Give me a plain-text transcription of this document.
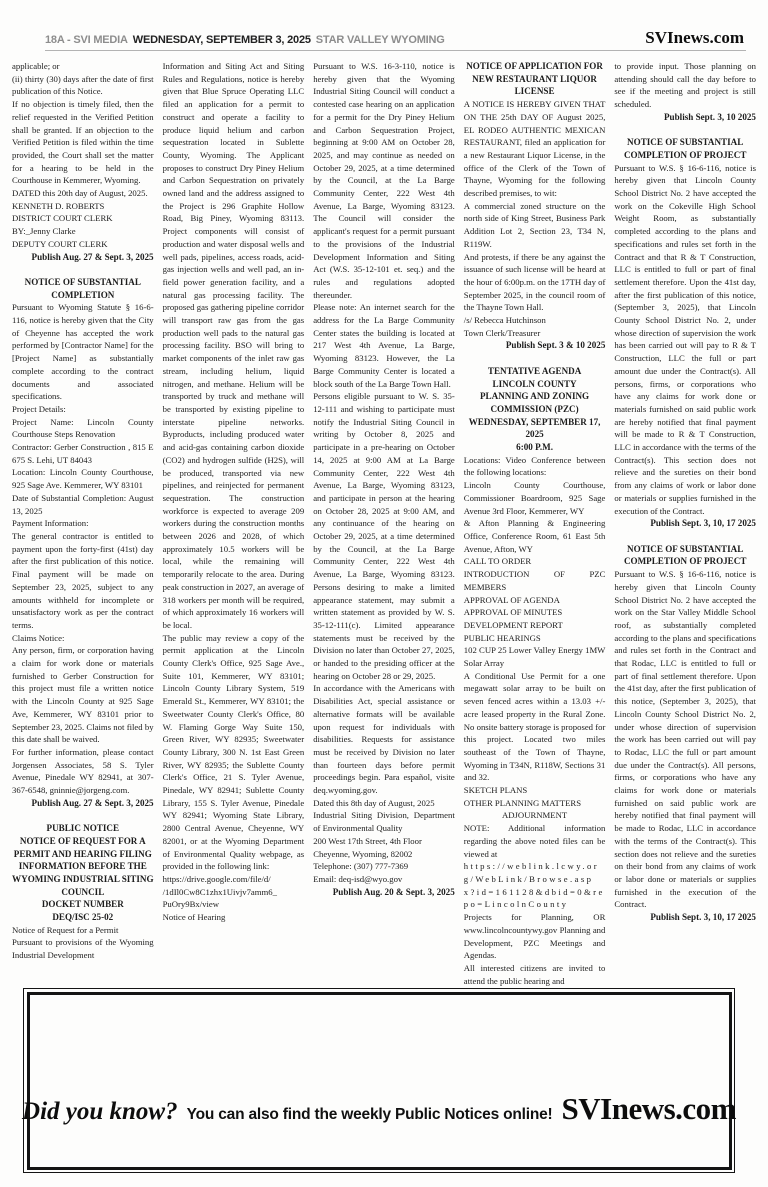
18A - SVI MEDIA WEDNESDAY, SEPTEMBER 3, 2025 STAR VALLEY WYOMING	SVInews.com
applicable; or
(ii) thirty (30) days after the date of first publication of this Notice.
If no objection is timely filed, then the relief requested in the Verified Petition shall be granted. If an objection to the Verified Petition is filed within the time provided, the Court shall set the matter for a hearing to be held in the Courthouse in Kemmerer, Wyoming.
DATED this 20th day of August, 2025.
KENNETH D. ROBERTS
DISTRICT COURT CLERK
BY:_Jenny Clarke
DEPUTY COURT CLERK
Publish Aug. 27 & Sept. 3, 2025
NOTICE OF SUBSTANTIAL COMPLETION
Pursuant to Wyoming Statute § 16-6-116, notice is hereby given that the City of Cheyenne has accepted the work performed by [Contractor Name] for the [Project Name] as substantially complete according to the contract documents and associated specifications.
Project Details:
Project Name: Lincoln County Courthouse Steps Renovation
Contractor: Gerber Construction , 815 E 675 S. Lehi, UT 84043
Location: Lincoln County Courthouse, 925 Sage Ave. Kemmerer, WY 83101
Date of Substantial Completion: August 13, 2025
Payment Information:
The general contractor is entitled to payment upon the forty-first (41st) day after the first publication of this notice. Final payment will be made on September 23, 2025, subject to any amounts withheld for incomplete or unsatisfactory work as per the contract terms.
Claims Notice:
Any person, firm, or corporation having a claim for work done or materials furnished to Gerber Construction for this project must file a written notice with the Lincoln County at 925 Sage Ave, Kemmerer, WY 83101 prior to September 23, 2025. Claims not filed by this date shall be waived.
For further information, please contact Jorgensen Associates, 58 S. Tyler Avenue, Pinedale WY 82941, at 307-367-6548, gninnie@jorgeng.com.
Publish Aug. 27 & Sept. 3, 2025
PUBLIC NOTICE
NOTICE OF REQUEST FOR A PERMIT AND HEARING FILING INFORMATION BEFORE THE WYOMING INDUSTRIAL SITING COUNCIL
DOCKET NUMBER
DEQ/ISC 25-02
Notice of Request for a Permit
Pursuant to provisions of the Wyoming Industrial Development
Information and Siting Act and Siting Rules and Regulations, notice is hereby given that Blue Spruce Operating LLC filed an application for a permit to construct and operate a facility to produce liquid helium and carbon sequestration located in Sublette County, Wyoming. The Applicant proposes to construct Dry Piney Helium and Carbon Sequestration on privately owned land and the address assigned to the Project is 296 Graphite Hollow Road, Big Piney, Wyoming 83113. Project components will consist of production and water disposal wells and well pads, pipelines, access roads, acid-gas injection wells and well pad, an in-field power generation facility, and a natural gas processing facility. The proposed gas gathering pipeline corridor will transport raw gas from the gas production well pads to the natural gas processing facility. BSO will bring to market components of the inlet raw gas stream, including helium, liquid nitrogen, and methane. Helium will be transported by truck and methane will be transported by existing pipeline to interstate pipeline networks. Byproducts, including produced water and acid-gas containing carbon dioxide (CO2) and hydrogen sulfide (H2S), will be produced, transported via new pipelines, and reinjected for permanent sequestration. The construction workforce is expected to average 209 workers during the construction months between 2026 and 2028, of which approximately 10.5 workers will be local, while the remaining will temporarily relocate to the area. During peak construction in 2027, an average of 318 workers per month will be required, of which approximately 16 workers will be local.
The public may review a copy of the permit application at the Lincoln County Clerk's Office, 925 Sage Ave., Suite 101, Kemmerer, WY 83101; Lincoln County Library System, 519 Emerald St., Kemmerer, WY 83101; the Sweetwater County Clerk's Office, 80 W. Flaming Gorge Way Suite 150, Green River, WY 82935; Sweetwater County Library, 300 N. 1st East Green River, WY 82935; the Sublette County Clerk's Office, 21 S. Tyler Avenue, Pinedale, WY 82941; Sublette County Library, 155 S. Tyler Avenue, Pinedale WY 82941; Wyoming State Library, 2800 Central Avenue, Cheyenne, WY 82001, or at the Wyoming Department of Environmental Quality webpage, as provided in the following link:
https://drive.google.com/file/d/
/1dIl0Cw8C1zhx1Uivjv7amm6_
PuOry9Bx/view
Notice of Hearing
Pursuant to W.S. 16-3-110, notice is hereby given that the Wyoming Industrial Siting Council will conduct a contested case hearing on an application for a permit for the Dry Piney Helium and Carbon Sequestration Project, beginning at 9:00 AM on October 28, 2025, and may continue as needed on October 29, 2025, at a time determined by the Council, at the La Barge Community Center, 222 West 4th Avenue, La Barge, Wyoming 83123. The Council will consider the applicant's request for a permit pursuant to the provisions of the Industrial Development Information and Siting Act (W.S. 35-12-101 et. seq.) and the rules and regulations adopted thereunder.
Please note: An internet search for the address for the La Barge Community Center states the building is located at 217 West 4th Avenue, La Barge, Wyoming 83123. However, the La Barge Community Center is located a block south of the La Barge Town Hall.
Persons eligible pursuant to W. S. 35-12-111 and wishing to participate must notify the Industrial Siting Council in writing by October 8, 2025 and participate in a pre-hearing on October 14, 2025 at 9:00 AM at La Barge Community Center, 222 West 4th Avenue, La Barge, Wyoming 83123, and participate in person at the hearing on October 28, 2025 at 9:00 AM, and any continuance of the hearing on October 29, 2025, at a time determined by the Council, at the La Barge Community Center, 222 West 4th Avenue, La Barge, Wyoming 83123. Persons desiring to make a limited appearance statement, may submit a written statement as provided by W. S. 35-12-111(c). Limited appearance statements must be received by the Division no later than October 27, 2025, or handed to the presiding officer at the hearing on October 28 or 29, 2025.
In accordance with the Americans with Disabilities Act, special assistance or alternative formats will be available upon request for individuals with disabilities. Requests for assistance must be received by Division no later than fourteen days before permit proceedings begin. Para español, visite deq.wyoming.gov.
Dated this 8th day of August, 2025
Industrial Siting Division, Department of Environmental Quality
200 West 17th Street, 4th Floor
Cheyenne, Wyoming, 82002
Telephone: (307) 777-7369
Email: deq-isd@wyo.gov
Publish Aug. 20 & Sept. 3, 2025
NOTICE OF APPLICATION FOR
NEW RESTAURANT LIQUOR LICENSE
A NOTICE IS HEREBY GIVEN THAT ON THE 25th DAY OF August 2025, EL RODEO AUTHENTIC MEXICAN RESTAURANT, filed an application for a new Restaurant Liquor License, in the office of the Clerk of the Town of Thayne, Wyoming for the following described premises, to wit:
A commercial zoned structure on the north side of King Street, Business Park Addition Lot 2, Section 23, T34 N, R119W.
And protests, if there be any against the issuance of such license will be heard at the hour of 6:00p.m. on the 17TH day of September 2025, in the council room of the Thayne Town Hall.
/s/ Rebecca Hutchinson
Town Clerk/Treasurer
Publish Sept. 3 & 10 2025
TENTATIVE AGENDA
LINCOLN COUNTY
PLANNING AND ZONING
COMMISSION (PZC)
WEDNESDAY, SEPTEMBER 17, 2025
6:00 P.M.
Locations: Video Conference between the following locations:
Lincoln County Courthouse, Commissioner Boardroom, 925 Sage Avenue 3rd Floor, Kemmerer, WY
& Afton Planning & Engineering Office, Conference Room, 61 East 5th Avenue, Afton, WY
CALL TO ORDER
INTRODUCTION OF PZC MEMBERS
APPROVAL OF AGENDA
APPROVAL OF MINUTES
DEVELOPMENT REPORT
PUBLIC HEARINGS
102 CUP 25 Lower Valley Energy 1MW Solar Array
A Conditional Use Permit for a one megawatt solar array to be built on seven fenced acres within a 13.03 +/- acre leased property in the Rural Zone. No onsite battery storage is proposed for this project. Located two miles southeast of the Town of Thayne, Wyoming in T34N, R118W, Sections 31 and 32.
SKETCH PLANS
OTHER PLANNING MATTERS
ADJOURNMENT
NOTE: Additional information regarding the above noted files can be viewed at
https://weblink.lcwy.org/WebLink/Browse.aspx?id=161128&dbid=0&repo=LincolnCounty
Projects for Planning, OR www.lincolncountywy.gov Planning and Development, PZC Meetings and Agendas.
All interested citizens are invited to attend the public hearing and
to provide input. Those planning on attending should call the day before to see if the meeting and project is still scheduled.
Publish Sept. 3, 10 2025
NOTICE OF SUBSTANTIAL COMPLETION OF PROJECT
Pursuant to W.S. § 16-6-116, notice is hereby given that Lincoln County School District No. 2 have accepted the work on the Cokeville High School Weight Room, as substantially completed according to the plans and specifications and rules set forth in the Contract and that R & T Construction, LLC is entitled to full or part of final settlement therefore. Upon the 41st day, after the first publication of this notice, (September 3, 2025), that Lincoln County School District No. 2, under whose direction of supervision the work has been carried out will pay to R & T Construction, LLC the full or part amount due under the Contract(s). All persons, firms, or corporations who have any claims for work done or materials furnished on said public work are hereby notified that final payment will be made to R & T Construction, LLC in accordance with the terms of the Contract(s). This section does not relieve and the sureties on their bond from any claims of work or labor done or materials or supplies furnished in the execution of the Contract.
Publish Sept. 3, 10, 17 2025
NOTICE OF SUBSTANTIAL COMPLETION OF PROJECT
Pursuant to W.S. § 16-6-116, notice is hereby given that Lincoln County School District No. 2 have accepted the work on the Star Valley Middle School roof, as substantially completed according to the plans and specifications and rules set forth in the Contract and that Rodac, LLC is entitled to full or part of final settlement therefore. Upon the 41st day, after the first publication of this notice, (September 3, 2025), that Lincoln County School District No. 2, under whose direction of supervision the work has been carried out will pay to Rodac, LLC the full or part amount due under the Contract(s). All persons, firms, or corporations who have any claims for work done or materials furnished on said public work are hereby notified that final payment will be made to Rodac, LLC in accordance with the terms of the Contract(s). This section does not relieve and the sureties on their bond from any claims of work or labor done or materials or supplies furnished in the execution of the Contract.
Publish Sept. 3, 10, 17 2025
Did you know? You can also find the weekly Public Notices online! SVInews.com
